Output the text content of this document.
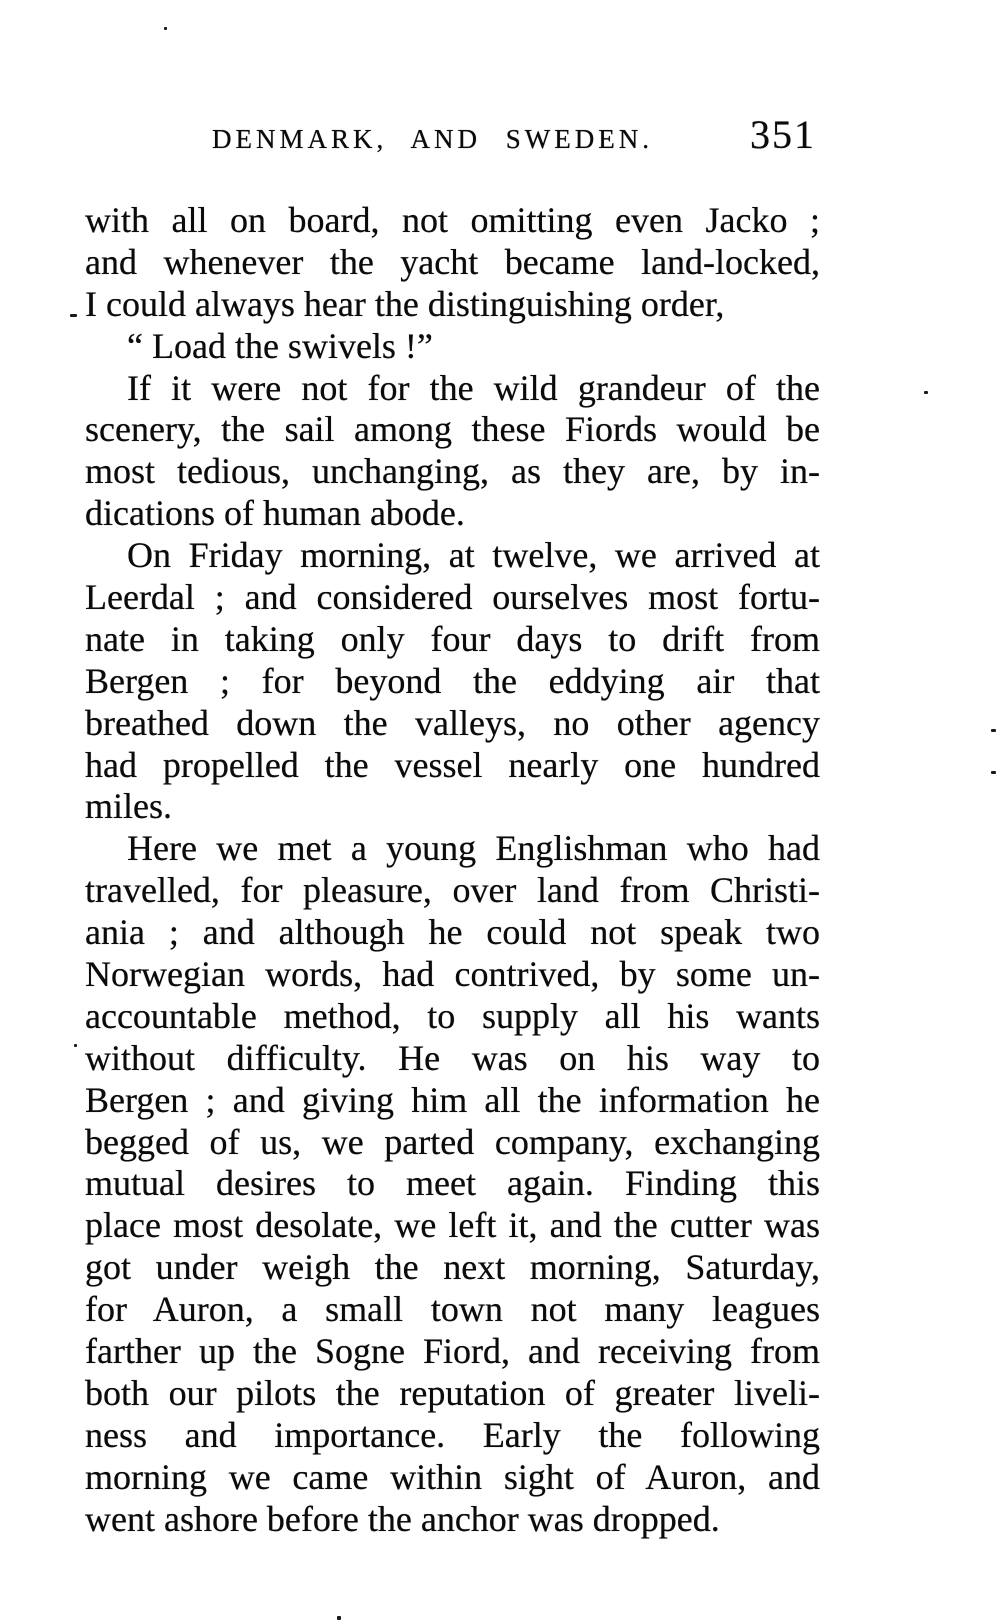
DENMARK, AND SWEDEN.	351
with all on board, not omitting even Jacko ;
and whenever the yacht became land-locked,
I could always hear the distinguishing order,
“ Load the swivels !”
If it were not for the wild grandeur of the
scenery, the sail among these Fiords would be
most tedious, unchanging, as they are, by in-
dications of human abode.
On Friday morning, at twelve, we arrived at
Leerdal ; and considered ourselves most fortu-
nate in taking only four days to drift from
Bergen ; for beyond the eddying air that
breathed down the valleys, no other agency
had propelled the vessel nearly one hundred
miles.
Here we met a young Englishman who had
travelled, for pleasure, over land from Christi-
ania ; and although he could not speak two
Norwegian words, had contrived, by some un-
accountable method, to supply all his wants
without difficulty. He was on his way to
Bergen ; and giving him all the information he
begged of us, we parted company, exchanging
mutual desires to meet again. Finding this
place most desolate, we left it, and the cutter was
got under weigh the next morning, Saturday,
for Auron, a small town not many leagues
farther up the Sogne Fiord, and receiving from
both our pilots the reputation of greater liveli-
ness and importance. Early the following
morning we came within sight of Auron, and
went ashore before the anchor was dropped.
